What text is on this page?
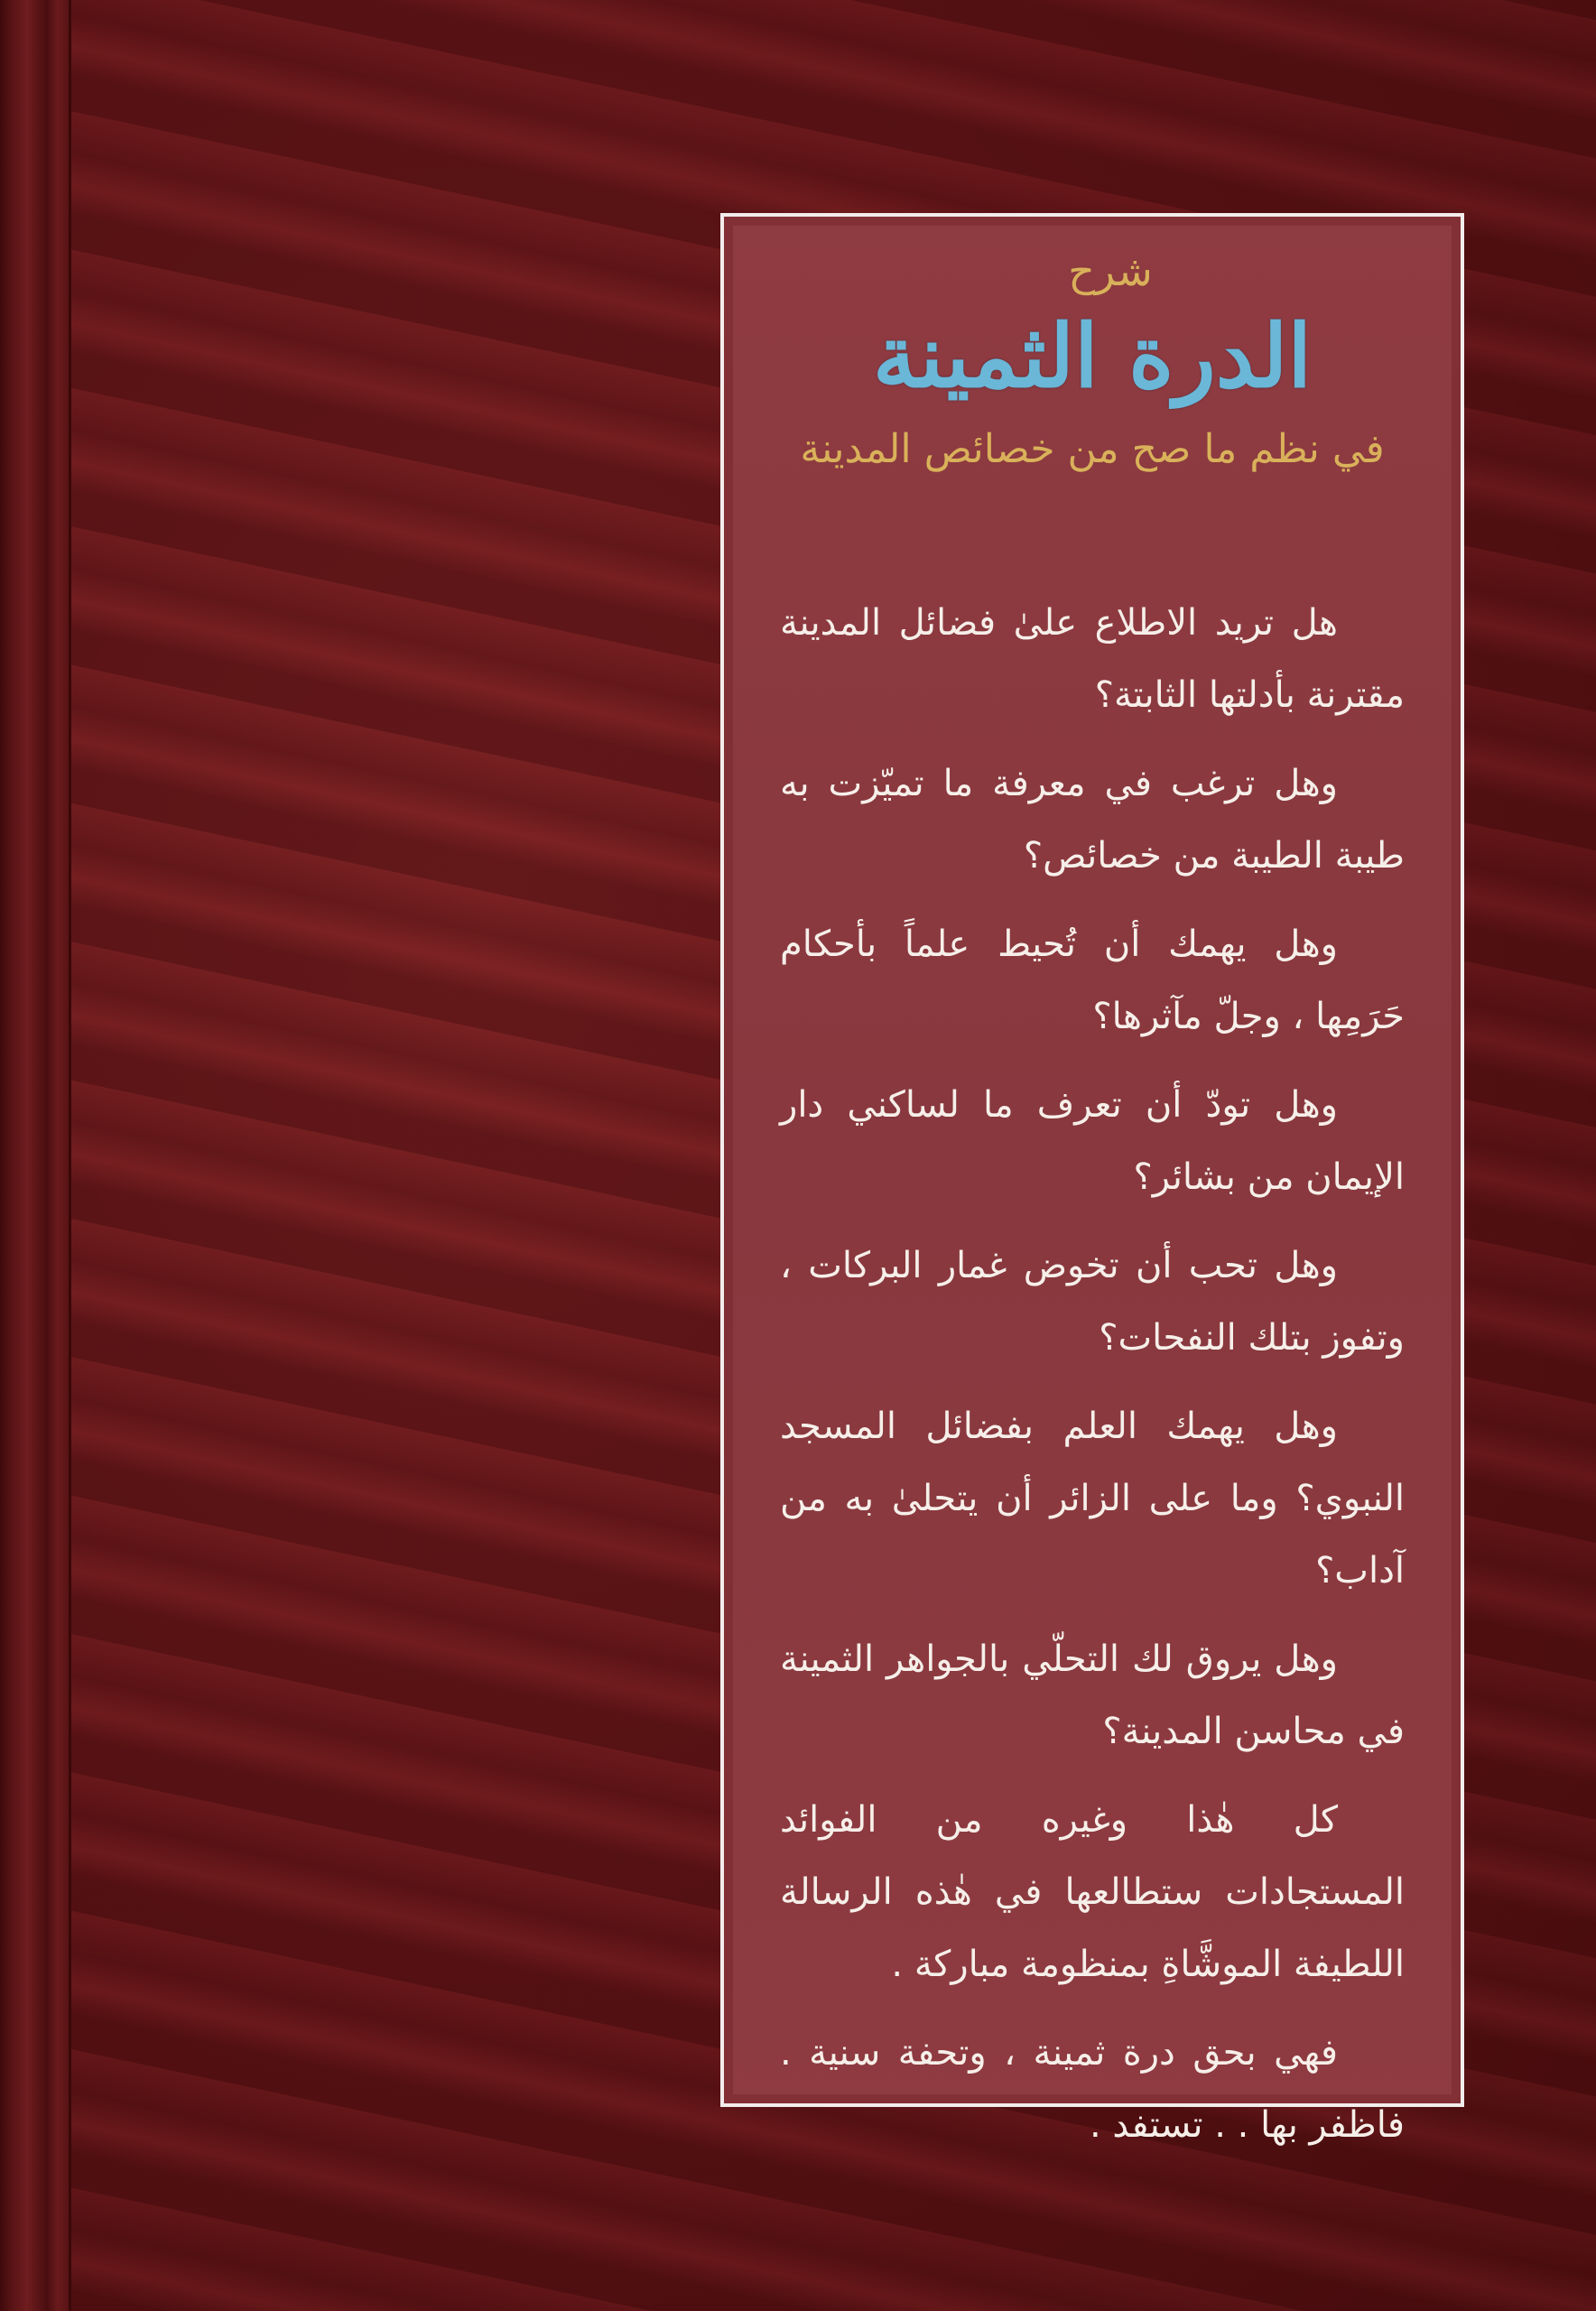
شرح
الدرة الثمينة
في نظم ما صح من خصائص المدينة

هل تريد الاطلاع علىٰ فضائل المدينة مقترنة بأدلتها الثابتة؟

وهل ترغب في معرفة ما تميّزت به طيبة الطيبة من خصائص؟

وهل يهمك أن تُحيط علماً بأحكام حَرَمِها ، وجلّ مآثرها؟

وهل تودّ أن تعرف ما لساكني دار الإيمان من بشائر؟

وهل تحب أن تخوض غمار البركات ، وتفوز بتلك النفحات؟

وهل يهمك العلم بفضائل المسجد النبوي؟ وما على الزائر أن يتحلىٰ به من آداب؟

وهل يروق لك التحلّي بالجواهر الثمينة في محاسن المدينة؟

كل هٰذا وغيره من الفوائد المستجادات ستطالعها في هٰذه الرسالة اللطيفة الموشَّاةِ بمنظومة مباركة .

فهي بحق درة ثمينة ، وتحفة سنية . فاظفر بها . . تستفد .
